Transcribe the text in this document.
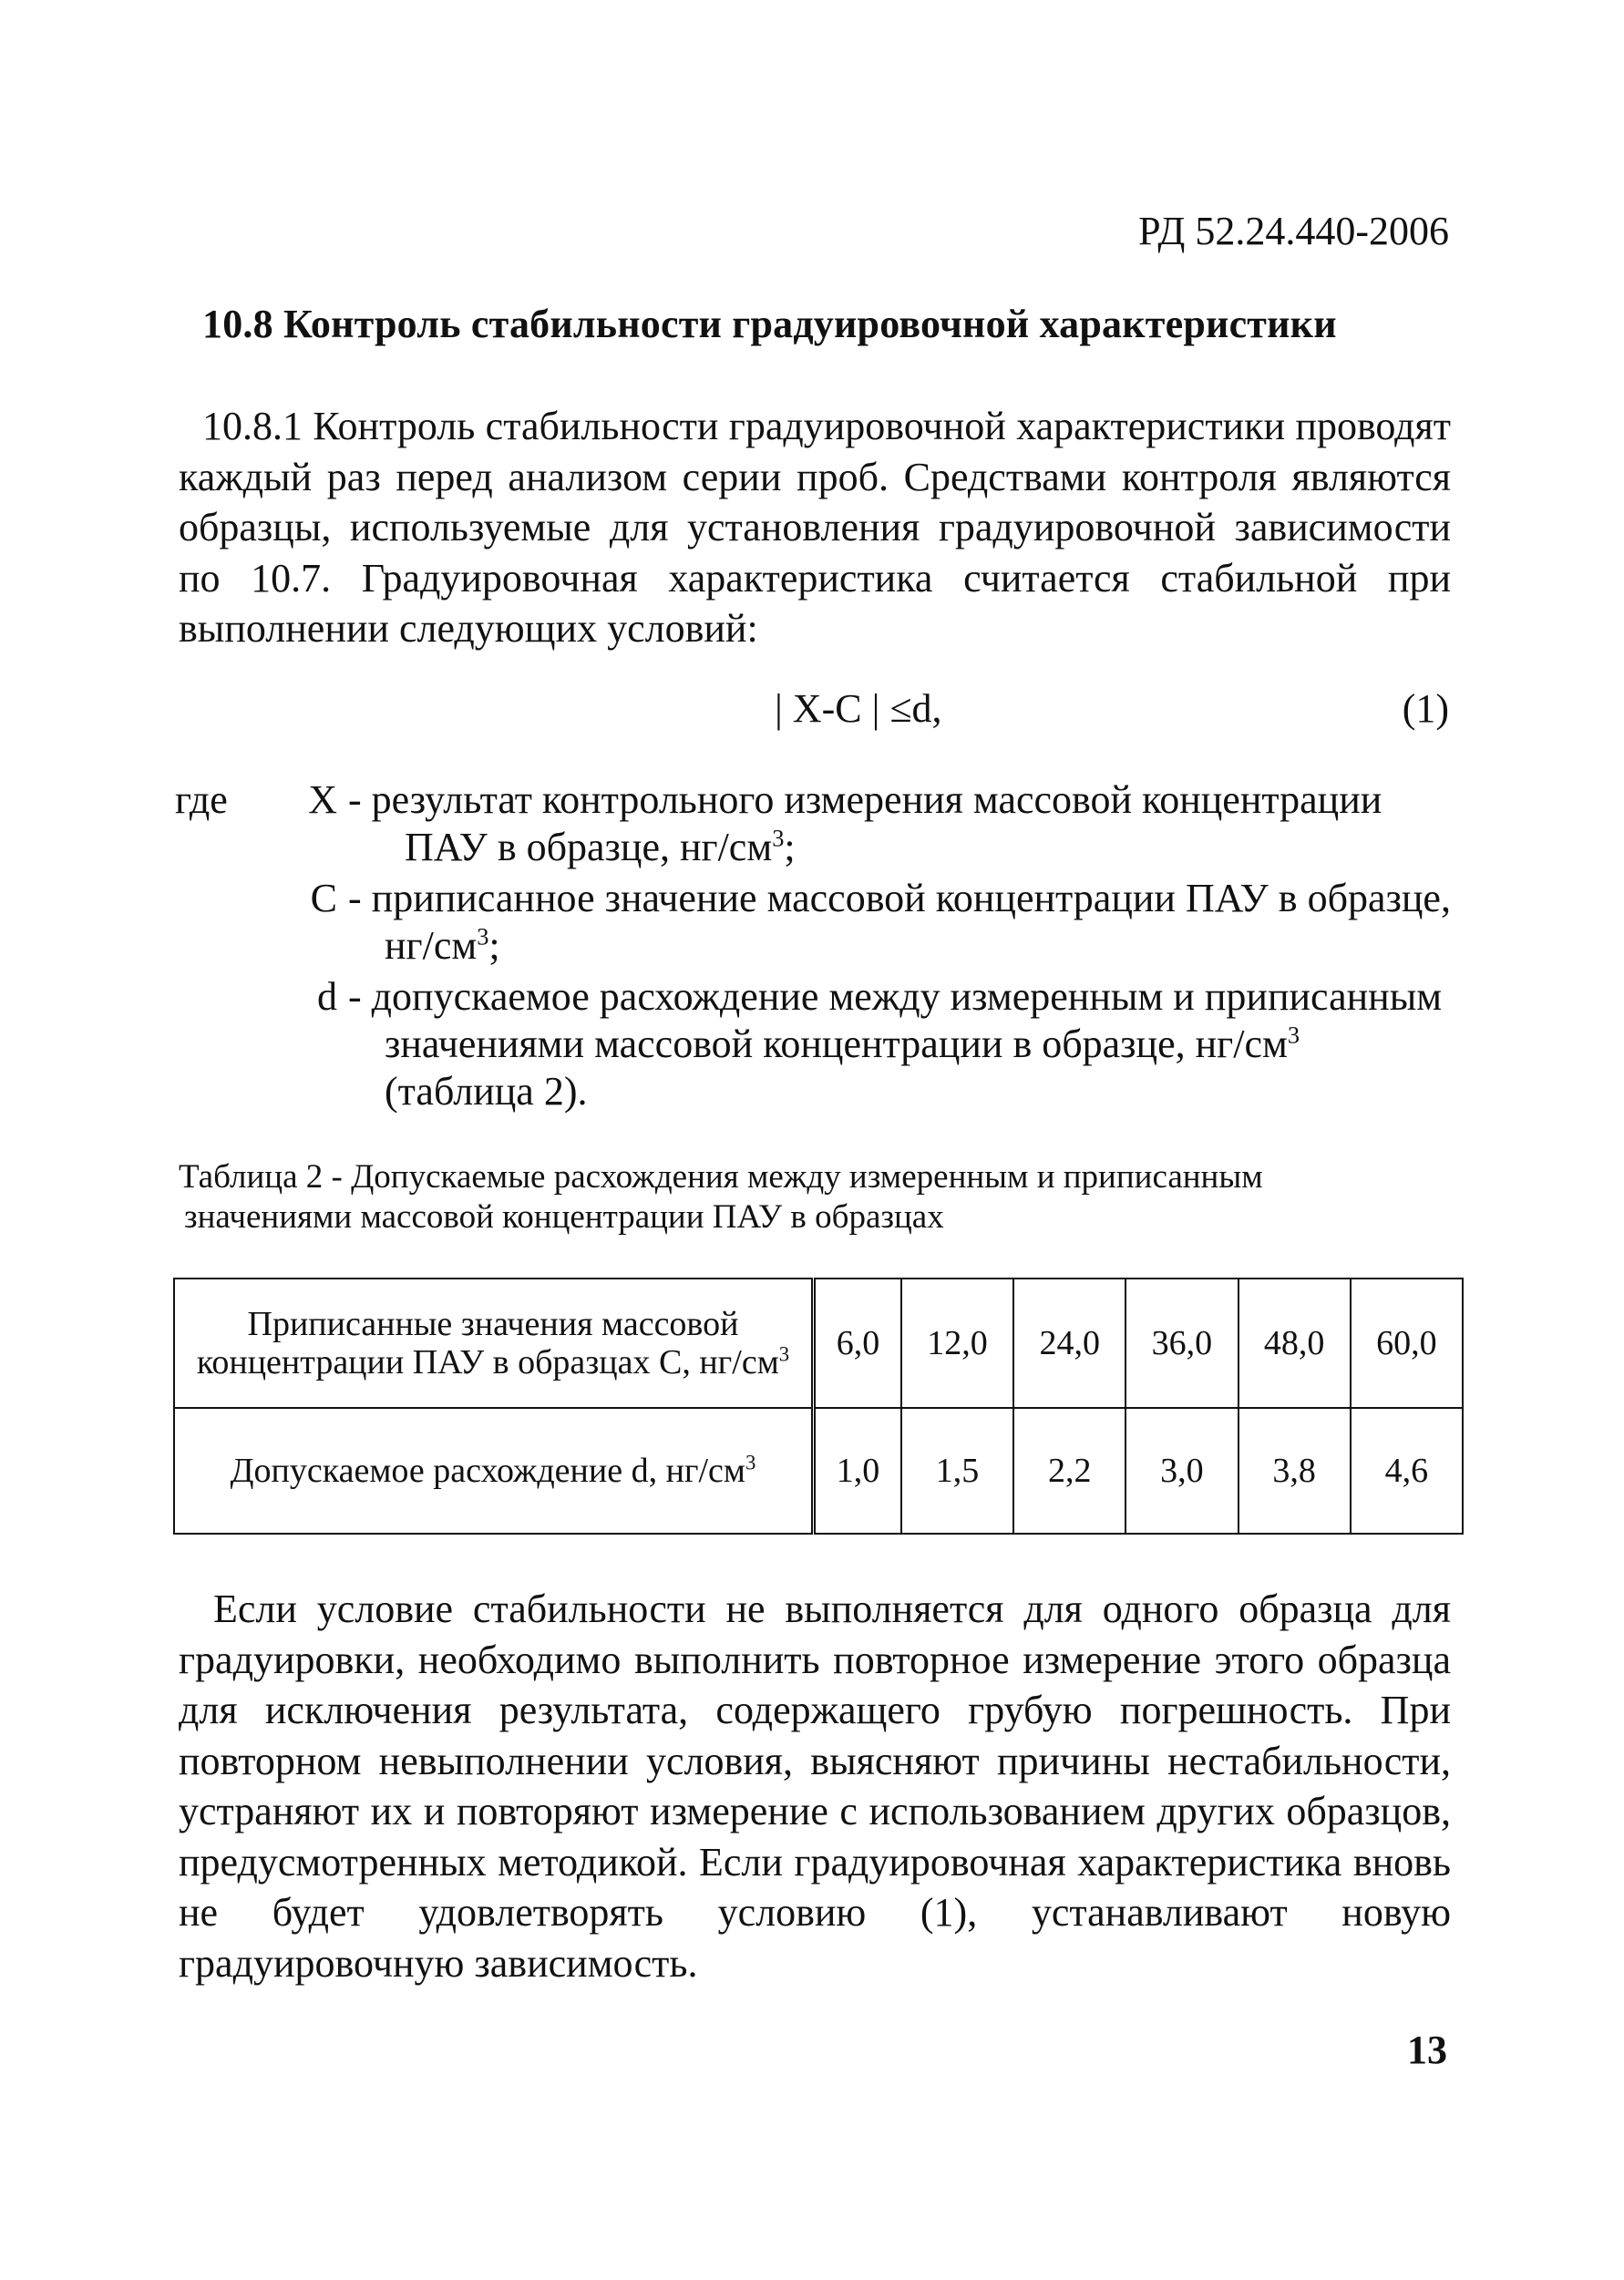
РД 52.24.440-2006
10.8 Контроль стабильности градуировочной характеристики
10.8.1 Контроль стабильности градуировочной характеристики проводят каждый раз перед анализом серии проб. Средствами контроля являются образцы, используемые для установления градуировочной зависимости по 10.7. Градуировочная характеристика считается стабильной при выполнении следующих условий:
| X-C | ≤d,	(1)
где	X - результат контрольного измерения массовой концентрации
ПАУ в образце, $нг/см^3$;
C - приписанное значение массовой концентрации ПАУ в образце,
$нг/см^3$;
d - допускаемое расхождение между измеренным и приписанным
значениями массовой концентрации в образце, $нг/см^3$
(таблица 2).
Таблица 2 - Допускаемые расхождения между измеренным и приписанным
значениями массовой концентрации ПАУ в образцах
Приписанные значения массовой концентрации ПАУ в образцах С, $нг/см^3$	6,0	12,0	24,0	36,0	48,0	60,0
Допускаемое расхождение d, $нг/см^3$	1,0	1,5	2,2	3,0	3,8	4,6
Если условие стабильности не выполняется для одного образца для градуировки, необходимо выполнить повторное измерение этого образца для исключения результата, содержащего грубую погрешность. При повторном невыполнении условия, выясняют причины нестабильности, устраняют их и повторяют измерение с использованием других образцов, предусмотренных методикой. Если градуировочная характеристика вновь не будет удовлетворять условию (1), устанавливают новую градуировочную зависимость.
13
